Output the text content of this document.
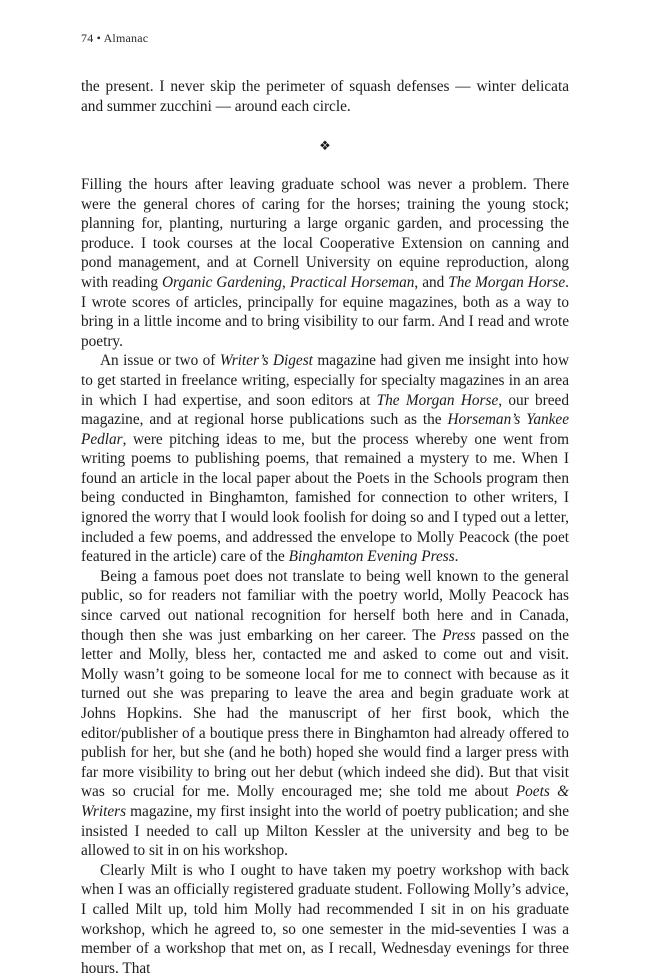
74 • Almanac

the present. I never skip the perimeter of squash defenses — winter delicata and summer zucchini — around each circle.

❖

Filling the hours after leaving graduate school was never a problem. There were the general chores of caring for the horses; training the young stock; planning for, planting, nurturing a large organic garden, and processing the produce. I took courses at the local Cooperative Extension on canning and pond management, and at Cornell University on equine reproduction, along with reading Organic Gardening, Practical Horseman, and The Morgan Horse. I wrote scores of articles, principally for equine magazines, both as a way to bring in a little income and to bring visibility to our farm. And I read and wrote poetry.

An issue or two of Writer’s Digest magazine had given me insight into how to get started in freelance writing, especially for specialty magazines in an area in which I had expertise, and soon editors at The Morgan Horse, our breed magazine, and at regional horse publications such as the Horseman’s Yankee Pedlar, were pitching ideas to me, but the process whereby one went from writing poems to publishing poems, that remained a mystery to me. When I found an article in the local paper about the Poets in the Schools program then being conducted in Binghamton, famished for connection to other writers, I ignored the worry that I would look foolish for doing so and I typed out a letter, included a few poems, and addressed the envelope to Molly Peacock (the poet featured in the article) care of the Binghamton Evening Press.

Being a famous poet does not translate to being well known to the general public, so for readers not familiar with the poetry world, Molly Peacock has since carved out national recognition for herself both here and in Canada, though then she was just embarking on her career. The Press passed on the letter and Molly, bless her, contacted me and asked to come out and visit. Molly wasn’t going to be someone local for me to connect with because as it turned out she was preparing to leave the area and begin graduate work at Johns Hopkins. She had the manuscript of her first book, which the editor/publisher of a boutique press there in Binghamton had already offered to publish for her, but she (and he both) hoped she would find a larger press with far more visibility to bring out her debut (which indeed she did). But that visit was so crucial for me. Molly encouraged me; she told me about Poets & Writers magazine, my first insight into the world of poetry publication; and she insisted I needed to call up Milton Kessler at the university and beg to be allowed to sit in on his workshop.

Clearly Milt is who I ought to have taken my poetry workshop with back when I was an officially registered graduate student. Following Molly’s advice, I called Milt up, told him Molly had recommended I sit in on his graduate workshop, which he agreed to, so one semester in the mid-seventies I was a member of a workshop that met on, as I recall, Wednesday evenings for three hours. That
